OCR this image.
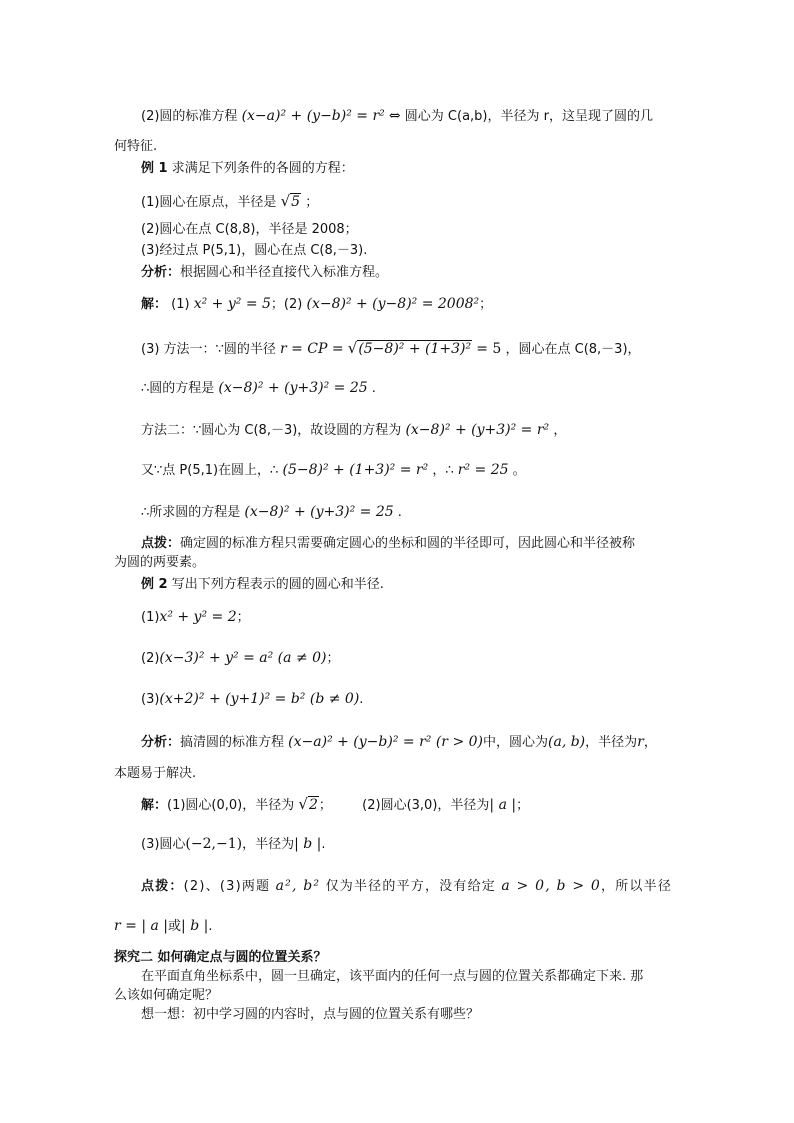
(2)圆的标准方程 (x−a)² + (y−b)² = r² ⇔ 圆心为 C(a,b)，半径为 r，这呈现了圆的几
何特征.
例 1 求满足下列条件的各圆的方程：
(1)圆心在原点，半径是 √5 ；
(2)圆心在点 C(8,8)，半径是 2008；
(3)经过点 P(5,1)，圆心在点 C(8,－3).
分析：根据圆心和半径直接代入标准方程。
解： (1) x² + y² = 5；(2) (x−8)² + (y−8)² = 2008²；
(3) 方法一：∵圆的半径 r = CP = √(5−8)² + (1+3)² = 5 ，圆心在点 C(8,－3)，
∴圆的方程是 (x−8)² + (y+3)² = 25 .
方法二：∵圆心为 C(8,－3)，故设圆的方程为 (x−8)² + (y+3)² = r² ，
又∵点 P(5,1)在圆上，∴ (5−8)² + (1+3)² = r² ，∴ r² = 25 。
∴所求圆的方程是 (x−8)² + (y+3)² = 25 .
点拨：确定圆的标准方程只需要确定圆心的坐标和圆的半径即可，因此圆心和半径被称
为圆的两要素。
例 2 写出下列方程表示的圆的圆心和半径.
(1)x² + y² = 2；
(2)(x−3)² + y² = a² (a ≠ 0)；
(3)(x+2)² + (y+1)² = b² (b ≠ 0).
分析：搞清圆的标准方程 (x−a)² + (y−b)² = r² (r > 0)中，圆心为(a, b)，半径为r，
本题易于解决.
解：(1)圆心(0,0)，半径为 √2； (2)圆心(3,0)，半径为| a |；
(3)圆心(−2,−1)，半径为| b |.
点拨：(2)、(3)两题 a², b² 仅为半径的平方，没有给定 a > 0, b > 0，所以半径
r = | a |或| b |.
探究二 如何确定点与圆的位置关系？
在平面直角坐标系中，圆一旦确定，该平面内的任何一点与圆的位置关系都确定下来. 那
么该如何确定呢？
想一想：初中学习圆的内容时，点与圆的位置关系有哪些？
